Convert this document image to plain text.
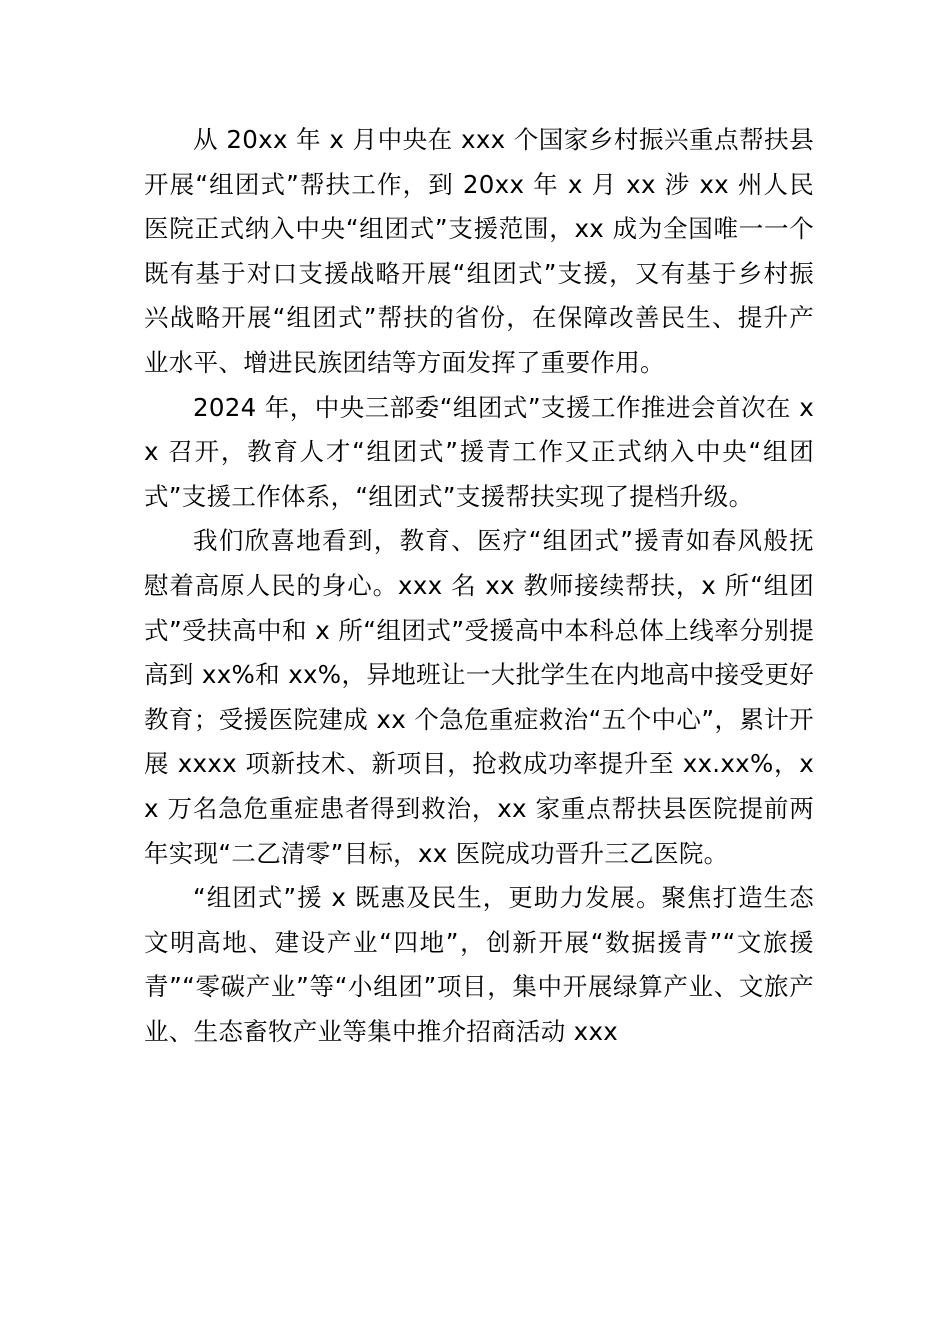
从 20xx 年 x 月中央在 xxx 个国家乡村振兴重点帮扶县开展“组团式”帮扶工作，到 20xx 年 x 月 xx 涉 xx 州人民医院正式纳入中央“组团式”支援范围，xx 成为全国唯一一个既有基于对口支援战略开展“组团式”支援，又有基于乡村振兴战略开展“组团式”帮扶的省份，在保障改善民生、提升产业水平、增进民族团结等方面发挥了重要作用。

2024 年，中央三部委“组团式”支援工作推进会首次在 xx 召开，教育人才“组团式”援青工作又正式纳入中央“组团式”支援工作体系，“组团式”支援帮扶实现了提档升级。

我们欣喜地看到，教育、医疗“组团式”援青如春风般抚慰着高原人民的身心。xxx 名 xx 教师接续帮扶，x 所“组团式”受扶高中和 x 所“组团式”受援高中本科总体上线率分别提高到 xx%和 xx%，异地班让一大批学生在内地高中接受更好教育；受援医院建成 xx 个急危重症救治“五个中心”，累计开展 xxxx 项新技术、新项目，抢救成功率提升至 xx.xx%，xx 万名急危重症患者得到救治，xx 家重点帮扶县医院提前两年实现“二乙清零”目标，xx 医院成功晋升三乙医院。

“组团式”援 x 既惠及民生，更助力发展。聚焦打造生态文明高地、建设产业“四地”，创新开展“数据援青”“文旅援青”“零碳产业”等“小组团”项目，集中开展绿算产业、文旅产业、生态畜牧产业等集中推介招商活动 xxx
